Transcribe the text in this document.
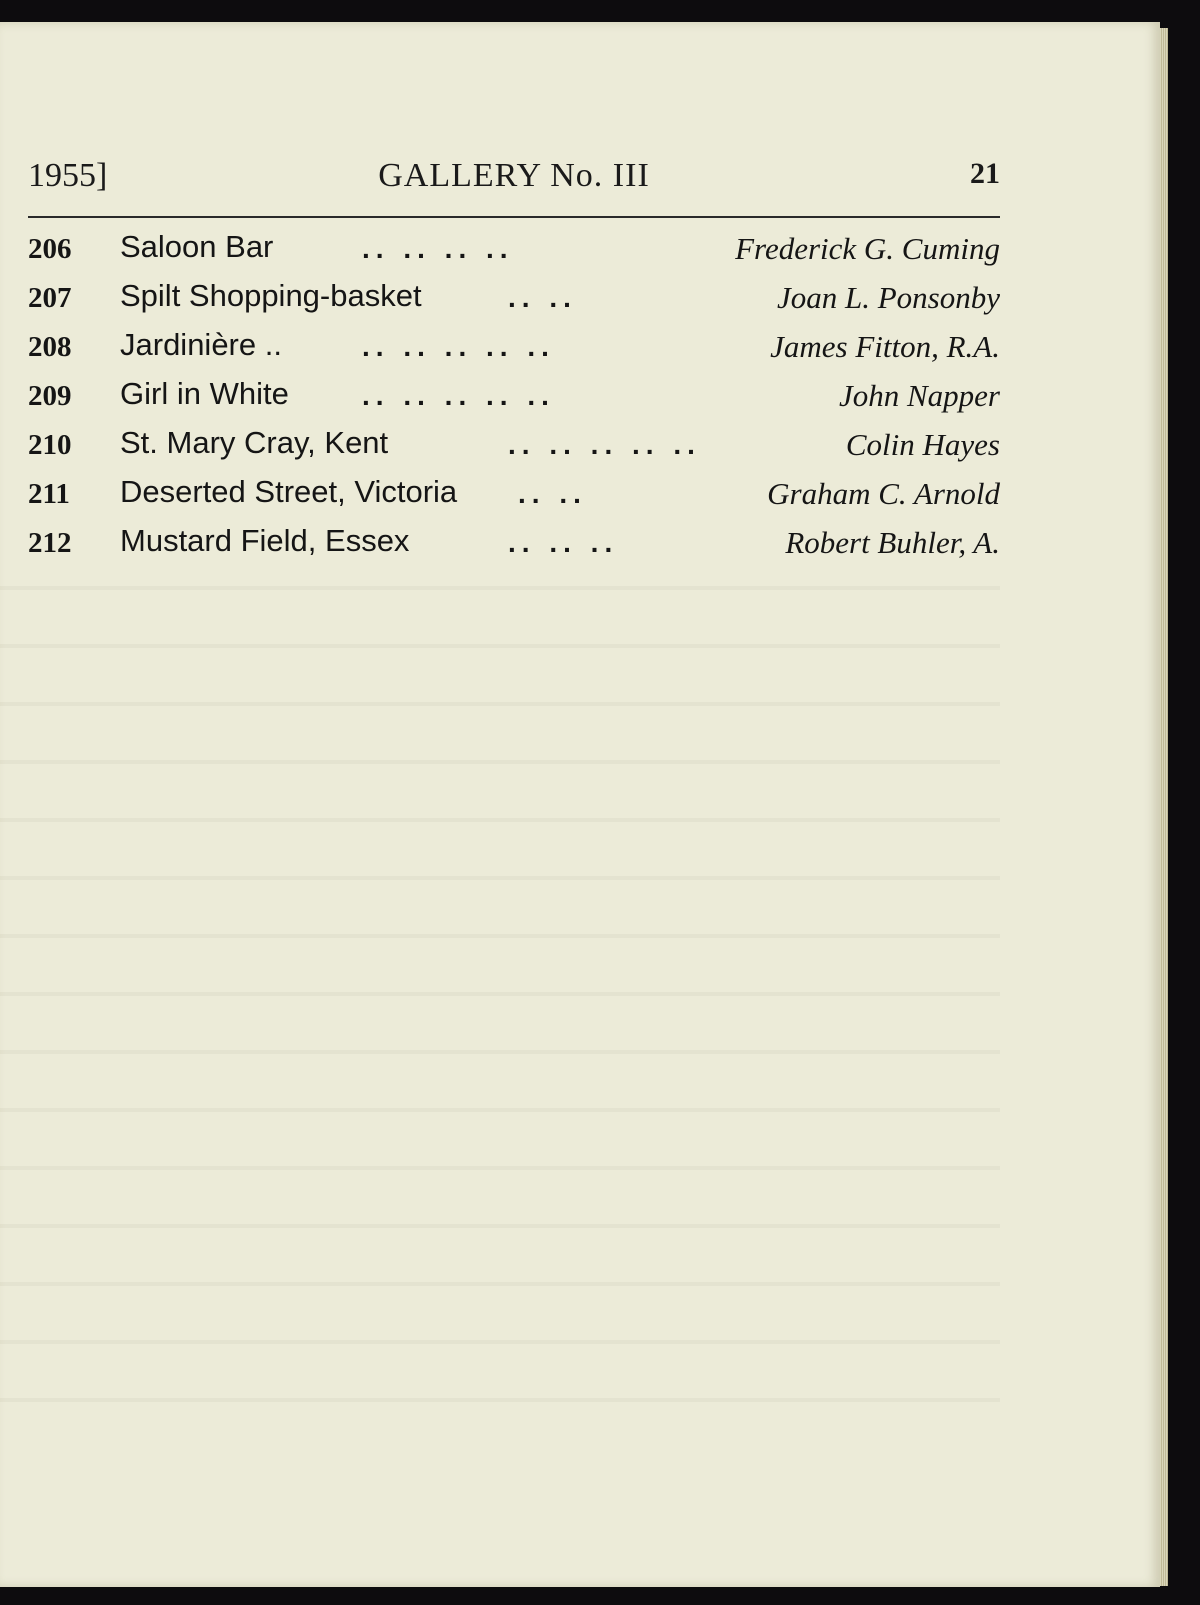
1955]	GALLERY No. III	21
206 Saloon Bar	.. .. .. ..	Frederick G. Cuming
207 Spilt Shopping-basket	.. ..	Joan L. Ponsonby
208 Jardinière ..	.. .. .. .. ..	James Fitton, R.A.
209 Girl in White	.. .. .. .. ..	John Napper
210 St. Mary Cray, Kent	.. .. .. .. ..	Colin Hayes
211 Deserted Street, Victoria .. ..	Graham C. Arnold
212 Mustard Field, Essex	.. .. ..	Robert Buhler, A.
